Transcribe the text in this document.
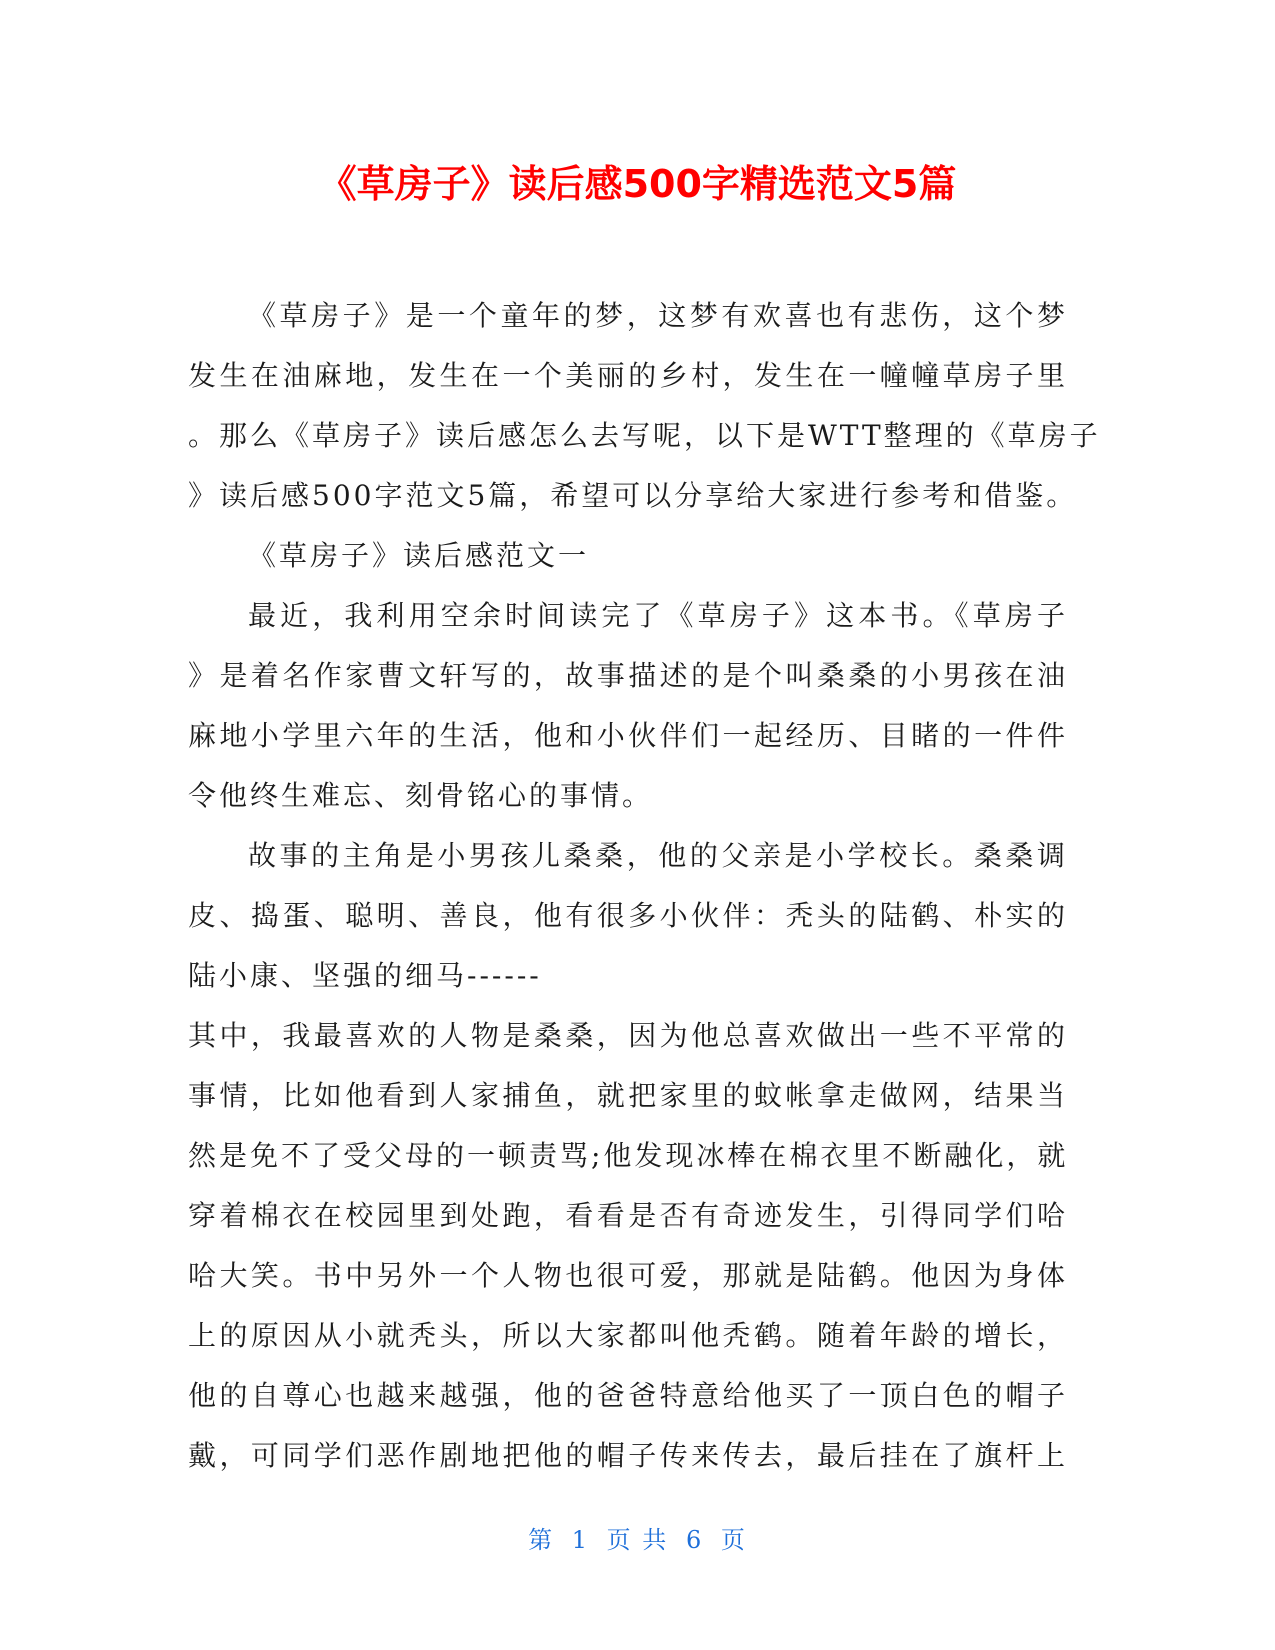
《草房子》读后感500字精选范文5篇
《草房子》是一个童年的梦，这梦有欢喜也有悲伤，这个梦
发生在油麻地，发生在一个美丽的乡村，发生在一幢幢草房子里
。那么《草房子》读后感怎么去写呢，以下是WTT整理的《草房子
》读后感500字范文5篇，希望可以分享给大家进行参考和借鉴。
《草房子》读后感范文一
最近，我利用空余时间读完了《草房子》这本书。《草房子
》是着名作家曹文轩写的，故事描述的是个叫桑桑的小男孩在油
麻地小学里六年的生活，他和小伙伴们一起经历、目睹的一件件
令他终生难忘、刻骨铭心的事情。
故事的主角是小男孩儿桑桑，他的父亲是小学校长。桑桑调
皮、捣蛋、聪明、善良，他有很多小伙伴：秃头的陆鹤、朴实的
陆小康、坚强的细马------
其中，我最喜欢的人物是桑桑，因为他总喜欢做出一些不平常的
事情，比如他看到人家捕鱼，就把家里的蚊帐拿走做网，结果当
然是免不了受父母的一顿责骂;他发现冰棒在棉衣里不断融化，就
穿着棉衣在校园里到处跑，看看是否有奇迹发生，引得同学们哈
哈大笑。书中另外一个人物也很可爱，那就是陆鹤。他因为身体
上的原因从小就秃头，所以大家都叫他秃鹤。随着年龄的增长，
他的自尊心也越来越强，他的爸爸特意给他买了一顶白色的帽子
戴，可同学们恶作剧地把他的帽子传来传去，最后挂在了旗杆上
第 1 页 共 6 页
